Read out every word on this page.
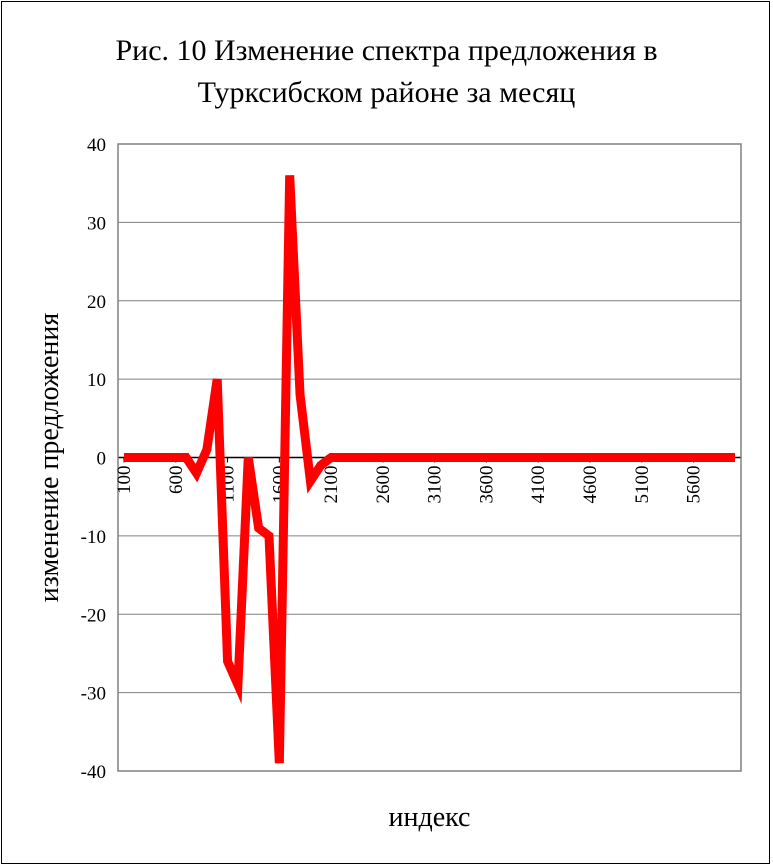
Рис. 10 Изменение спектра предложения в
Турксибском районе за месяц
40
30
20
10
0
-10
-20
-30
-40
100 600 1100 1600 2100 2600 3100 3600 4100 4600 5100 5600
индекс
изменение предложения
